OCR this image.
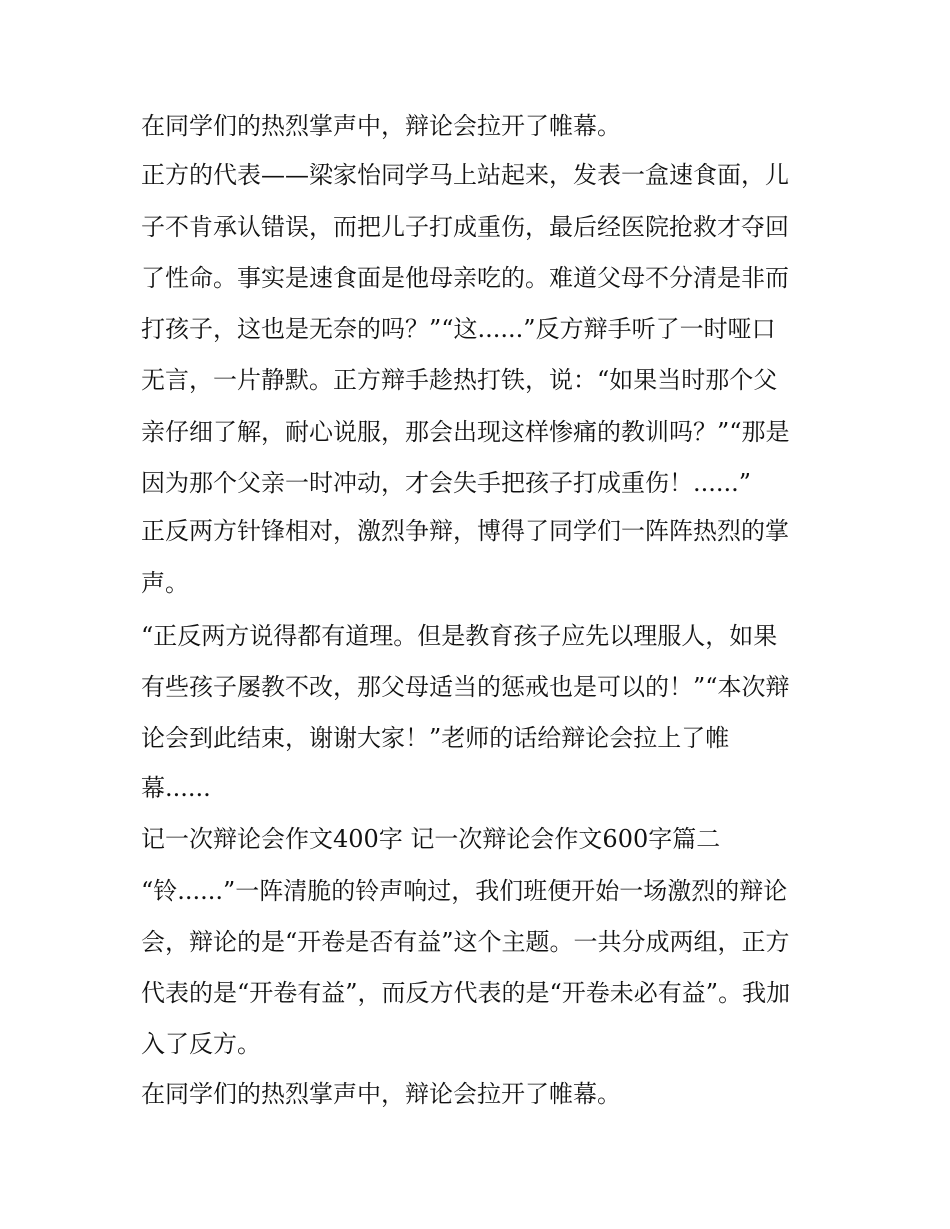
在同学们的热烈掌声中，辩论会拉开了帷幕。
正方的代表——梁家怡同学马上站起来，发表一盒速食面，儿
子不肯承认错误，而把儿子打成重伤，最后经医院抢救才夺回
了性命。事实是速食面是他母亲吃的。难道父母不分清是非而
打孩子，这也是无奈的吗？”“这......”反方辩手听了一时哑口
无言，一片静默。正方辩手趁热打铁，说：“如果当时那个父
亲仔细了解，耐心说服，那会出现这样惨痛的教训吗？”“那是
因为那个父亲一时冲动，才会失手把孩子打成重伤！......”
正反两方针锋相对，激烈争辩，博得了同学们一阵阵热烈的掌
声。
“正反两方说得都有道理。但是教育孩子应先以理服人，如果
有些孩子屡教不改，那父母适当的惩戒也是可以的！”“本次辩
论会到此结束，谢谢大家！”老师的话给辩论会拉上了帷
幕......
记一次辩论会作文400字 记一次辩论会作文600字篇二
“铃......”一阵清脆的铃声响过，我们班便开始一场激烈的辩论
会，辩论的是“开卷是否有益”这个主题。一共分成两组，正方
代表的是“开卷有益”，而反方代表的是“开卷未必有益”。我加
入了反方。
在同学们的热烈掌声中，辩论会拉开了帷幕。
